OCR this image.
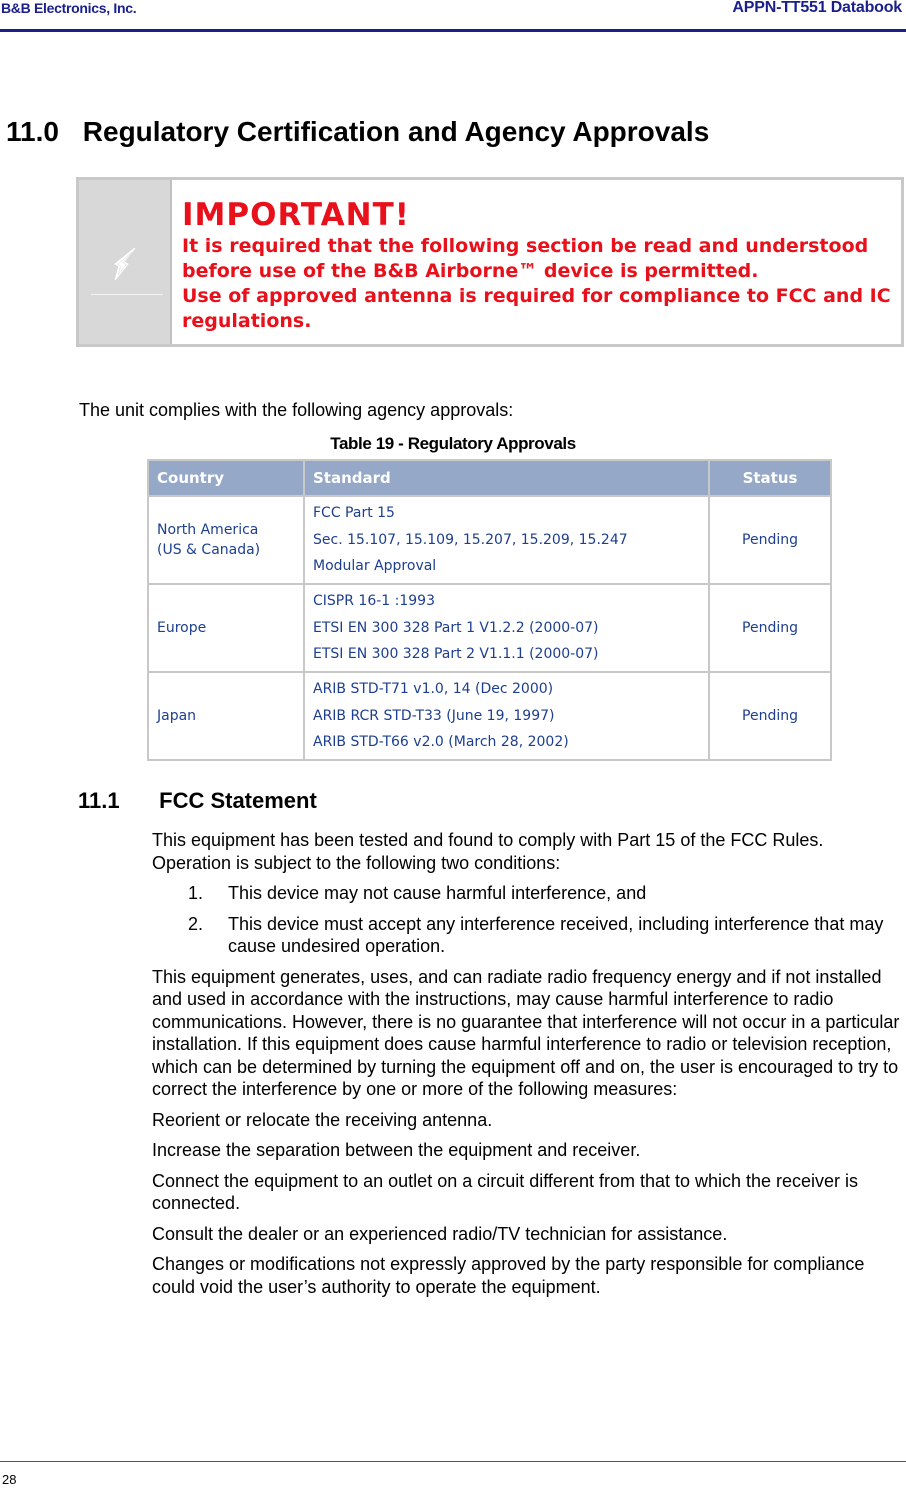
B&B Electronics, Inc.	APPN-TT551 Databook
11.0 Regulatory Certification and Agency Approvals
IMPORTANT!
It is required that the following section be read and understood
before use of the B&B Airborne™ device is permitted.
Use of approved antenna is required for compliance to FCC and IC
regulations.
The unit complies with the following agency approvals:
Table 19 - Regulatory Approvals
Country	Standard	Status

North America
(US & Canada)	FCC Part 15
Sec. 15.107, 15.109, 15.207, 15.209, 15.247
Modular Approval	Pending

Europe	CISPR 16-1 :1993
ETSI EN 300 328 Part 1 V1.2.2 (2000-07)
ETSI EN 300 328 Part 2 V1.1.1 (2000-07)	Pending

Japan	ARIB STD-T71 v1.0, 14 (Dec 2000)
ARIB RCR STD-T33 (June 19, 1997)
ARIB STD-T66 v2.0 (March 28, 2002)	Pending
11.1 FCC Statement

This equipment has been tested and found to comply with Part 15 of the FCC Rules.   Operation is subject to the following two conditions:

1. This device may not cause harmful interference, and
2. This device must accept any interference received, including interference that may cause undesired operation.

This equipment generates, uses, and can radiate radio frequency energy and if not installed and used in accordance with the instructions, may cause harmful interference to radio communications. However, there is no guarantee that interference will not occur in a particular installation. If this equipment does cause harmful interference to radio or television reception, which can be determined by turning the equipment off and on, the user is encouraged to try to correct the interference by one or more of the following measures:

Reorient or relocate the receiving antenna.

Increase the separation between the equipment and receiver.

Connect the equipment to an outlet on a circuit different from that to which the receiver is connected.

Consult the dealer or an experienced radio/TV technician for assistance.

Changes or modifications not expressly approved by the party responsible for compliance could void the user’s authority to operate the equipment.

28
